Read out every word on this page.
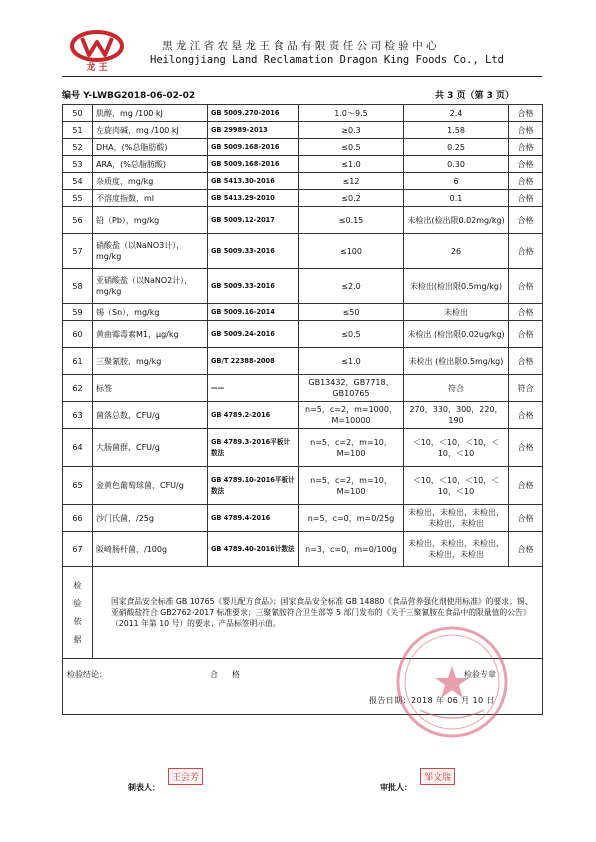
龙 王
黑龙江省农垦龙王食品有限责任公司检验中心
Heilongjiang Land Reclamation Dragon King Foods Co., Ltd
编号 Y-LWBG2018-06-02-02	共 3 页（第 3 页）
50	肌醇，mg /100 kJ	GB 5009.270-2016	1.0～9.5	2.4	合格
51	左旋肉碱，mg /100 kJ	GB 29989-2013	≥0.3	1.58	合格
52	DHA，(%总脂肪酸)	GB 5009.168-2016	≤0.5	0.25	合格
53	ARA，(%总脂肪酸)	GB 5009.168-2016	≤1.0	0.30	合格
54	杂质度，mg/kg	GB 5413.30-2016	≤12	6	合格
55	不溶度指数，ml	GB 5413.29-2010	≤0.2	0.1	合格
56	铅（Pb），mg/kg	GB 5009.12-2017	≤0.15	未检出(检出限0.02mg/kg)	合格
57	硝酸盐（以NaNO3计），mg/kg	GB 5009.33-2016	≤100	26	合格
58	亚硝酸盐（以NaNO2计），mg/kg	GB 5009.33-2016	≤2.0	未检出(检出限0.5mg/kg)	合格
59	锡（Sn），mg/kg	GB 5009.16-2014	≤50	未检出	合格
60	黄曲霉毒素M1，μg/kg	GB 5009.24-2016	≤0.5	未检出 (检出限0.02ug/kg)	合格
61	三聚氰胺，mg/kg	GB/T 22388-2008	≤1.0	未检出 (检出限0.5mg/kg)	合格
62	标签	——	GB13432，GB7718、GB10765	符合	符合
63	菌落总数，CFU/g	GB 4789.2-2016	n=5，c=2，m=1000，M=10000	270，330，300，220，190	合格
64	大肠菌群，CFU/g	GB 4789.3-2016平板计数法	n=5，c=2，m=10，M=100	＜10，＜10，＜10，＜10，＜10	合格
65	金黄色葡萄球菌，CFU/g	GB 4789.10-2016平板计数法	n=5，c=2，m=10，M=100	＜10，＜10，＜10，＜10，＜10	合格
66	沙门氏菌，/25g	GB 4789.4-2016	n=5，c=0，m=0/25g	未检出，未检出，未检出，未检出，未检出	合格
67	阪崎肠杆菌，/100g	GB 4789.40-2016计数法	n=3，c=0，m=0/100g	未检出，未检出，未检出，未检出，未检出	合格
检验依据	国家食品安全标准 GB 10765《婴儿配方食品》；国家食品安全标准 GB 14880《食品营养强化剂使用标准》的要求；锡、亚硝酸盐符合 GB2762-2017 标准要求；三聚氰胺符合卫生部等 5 部门发布的《关于三聚氰胺在食品中的限量值的公告》（2011 年第 10 号）的要求；产品标签明示值。				

检验结论： 合格 检验专章
报告日期：2018 年 06 月 10 日					
制表人：
王会芳
审批人：
邹文瑞
